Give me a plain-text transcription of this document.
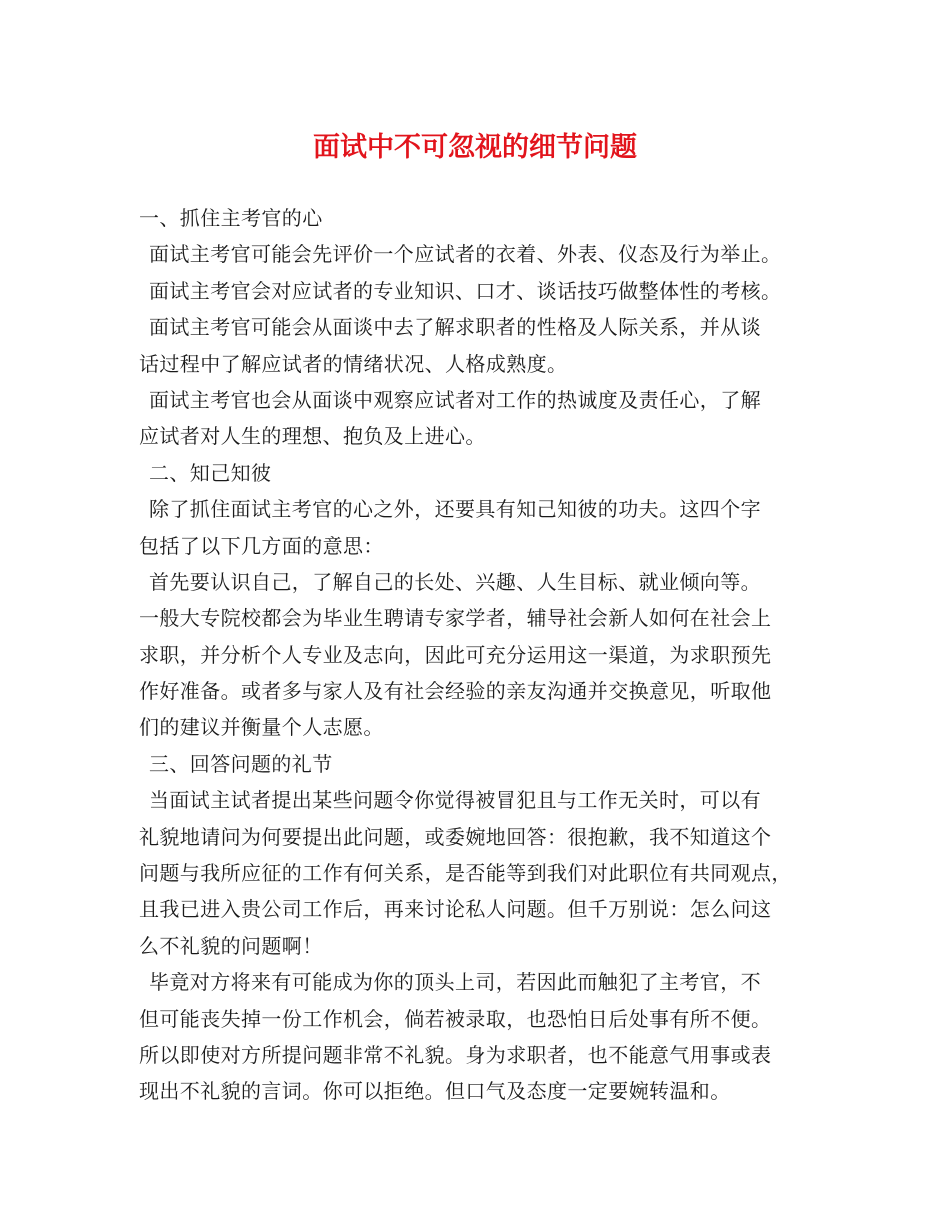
面试中不可忽视的细节问题
一、抓住主考官的心
面试主考官可能会先评价一个应试者的衣着、外表、仪态及行为举止。
面试主考官会对应试者的专业知识、口才、谈话技巧做整体性的考核。
面试主考官可能会从面谈中去了解求职者的性格及人际关系，并从谈
话过程中了解应试者的情绪状况、人格成熟度。
面试主考官也会从面谈中观察应试者对工作的热诚度及责任心，了解
应试者对人生的理想、抱负及上进心。
二、知己知彼
除了抓住面试主考官的心之外，还要具有知己知彼的功夫。这四个字
包括了以下几方面的意思：
首先要认识自己，了解自己的长处、兴趣、人生目标、就业倾向等。
一般大专院校都会为毕业生聘请专家学者，辅导社会新人如何在社会上
求职，并分析个人专业及志向，因此可充分运用这一渠道，为求职预先
作好准备。或者多与家人及有社会经验的亲友沟通并交换意见，听取他
们的建议并衡量个人志愿。
三、回答问题的礼节
当面试主试者提出某些问题令你觉得被冒犯且与工作无关时，可以有
礼貌地请问为何要提出此问题，或委婉地回答：很抱歉，我不知道这个
问题与我所应征的工作有何关系，是否能等到我们对此职位有共同观点，
且我已进入贵公司工作后，再来讨论私人问题。但千万别说：怎么问这
么不礼貌的问题啊！
毕竟对方将来有可能成为你的顶头上司，若因此而触犯了主考官，不
但可能丧失掉一份工作机会，倘若被录取，也恐怕日后处事有所不便。
所以即使对方所提问题非常不礼貌。身为求职者，也不能意气用事或表
现出不礼貌的言词。你可以拒绝。但口气及态度一定要婉转温和。
